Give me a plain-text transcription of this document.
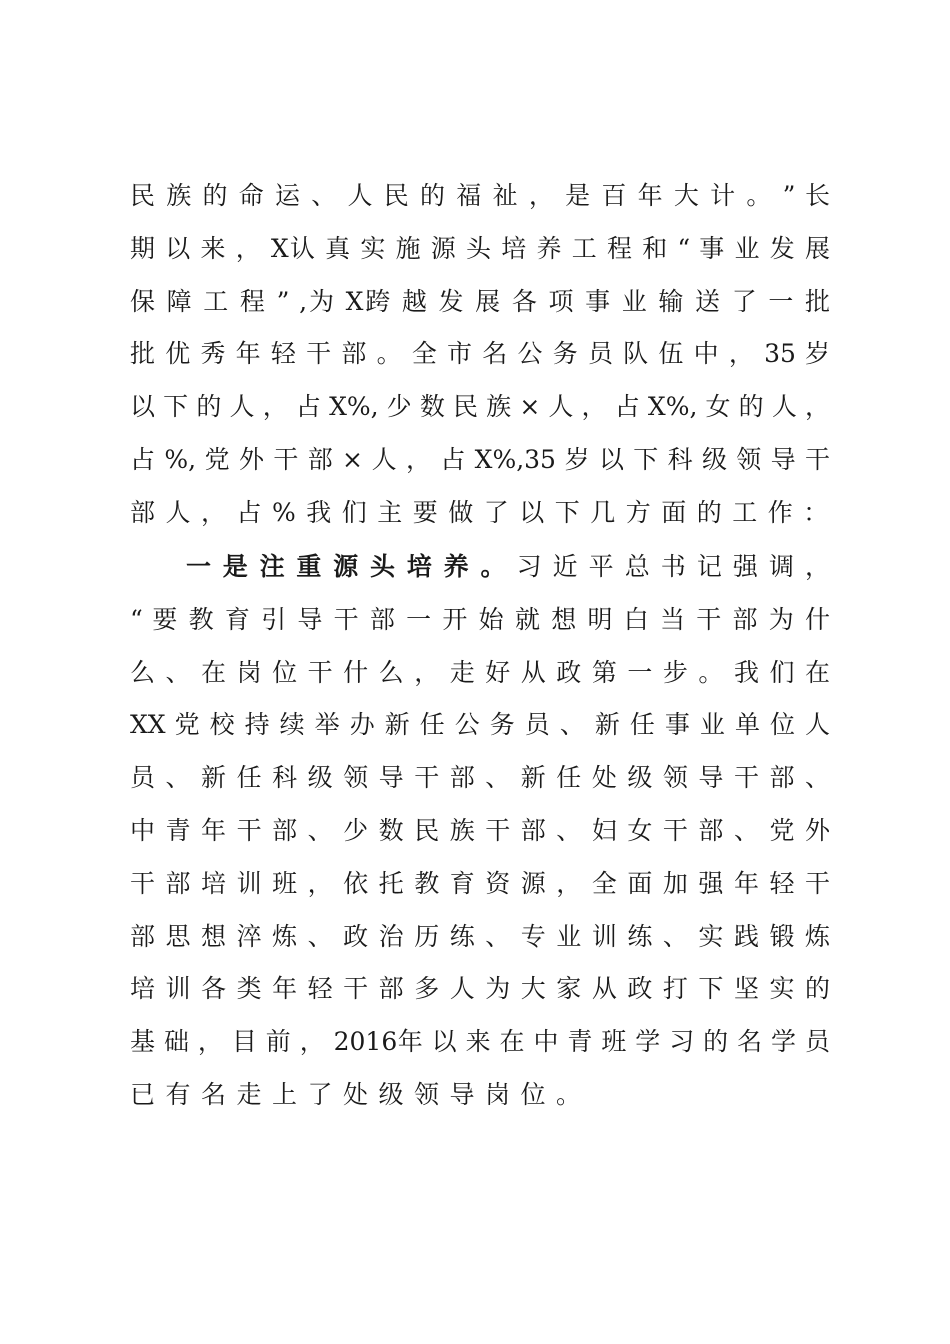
民 族 的 命 运 、 人 民 的 福 祉 ， 是 百 年 大 计 。 ” 长
期 以 来 ， X认 真 实 施 源 头 培 养 工 程 和 “ 事 业 发 展
保 障 工 程 ” ,为 X跨 越 发 展 各 项 事 业 输 送 了 一 批
批 优 秀 年 轻 干 部 。 全 市 名 公 务 员 队 伍 中 ， 35 岁
以 下 的 人 ， 占 X%, 少 数 民 族 × 人 ， 占 X%, 女 的 人 ，
占 %, 党 外 干 部 × 人 ， 占 X%,35 岁 以 下 科 级 领 导 干
部人，占%我们主要做了以下几方面的工作：
一 是 注 重 源 头 培 养 。 习 近 平 总 书 记 强 调 ，
“ 要 教 育 引 导 干 部 一 开 始 就 想 明 白 当 干 部 为 什
么 、 在 岗 位 干 什 么 ， 走 好 从 政 第 一 步 。 我 们 在
XX 党 校 持 续 举 办 新 任 公 务 员 、 新 任 事 业 单 位 人
员 、 新 任 科 级 领 导 干 部 、 新 任 处 级 领 导 干 部 、
中 青 年 干 部 、 少 数 民 族 干 部 、 妇 女 干 部 、 党 外
干 部 培 训 班 ， 依 托 教 育 资 源 ， 全 面 加 强 年 轻 干
部 思 想 淬 炼 、 政 治 历 练 、 专 业 训 练 、 实 践 锻 炼
培 训 各 类 年 轻 干 部 多 人 为 大 家 从 政 打 下 坚 实 的
基 础 ， 目 前 ， 2016年 以 来 在 中 青 班 学 习 的 名 学 员
已有名走上了处级领导岗位。
